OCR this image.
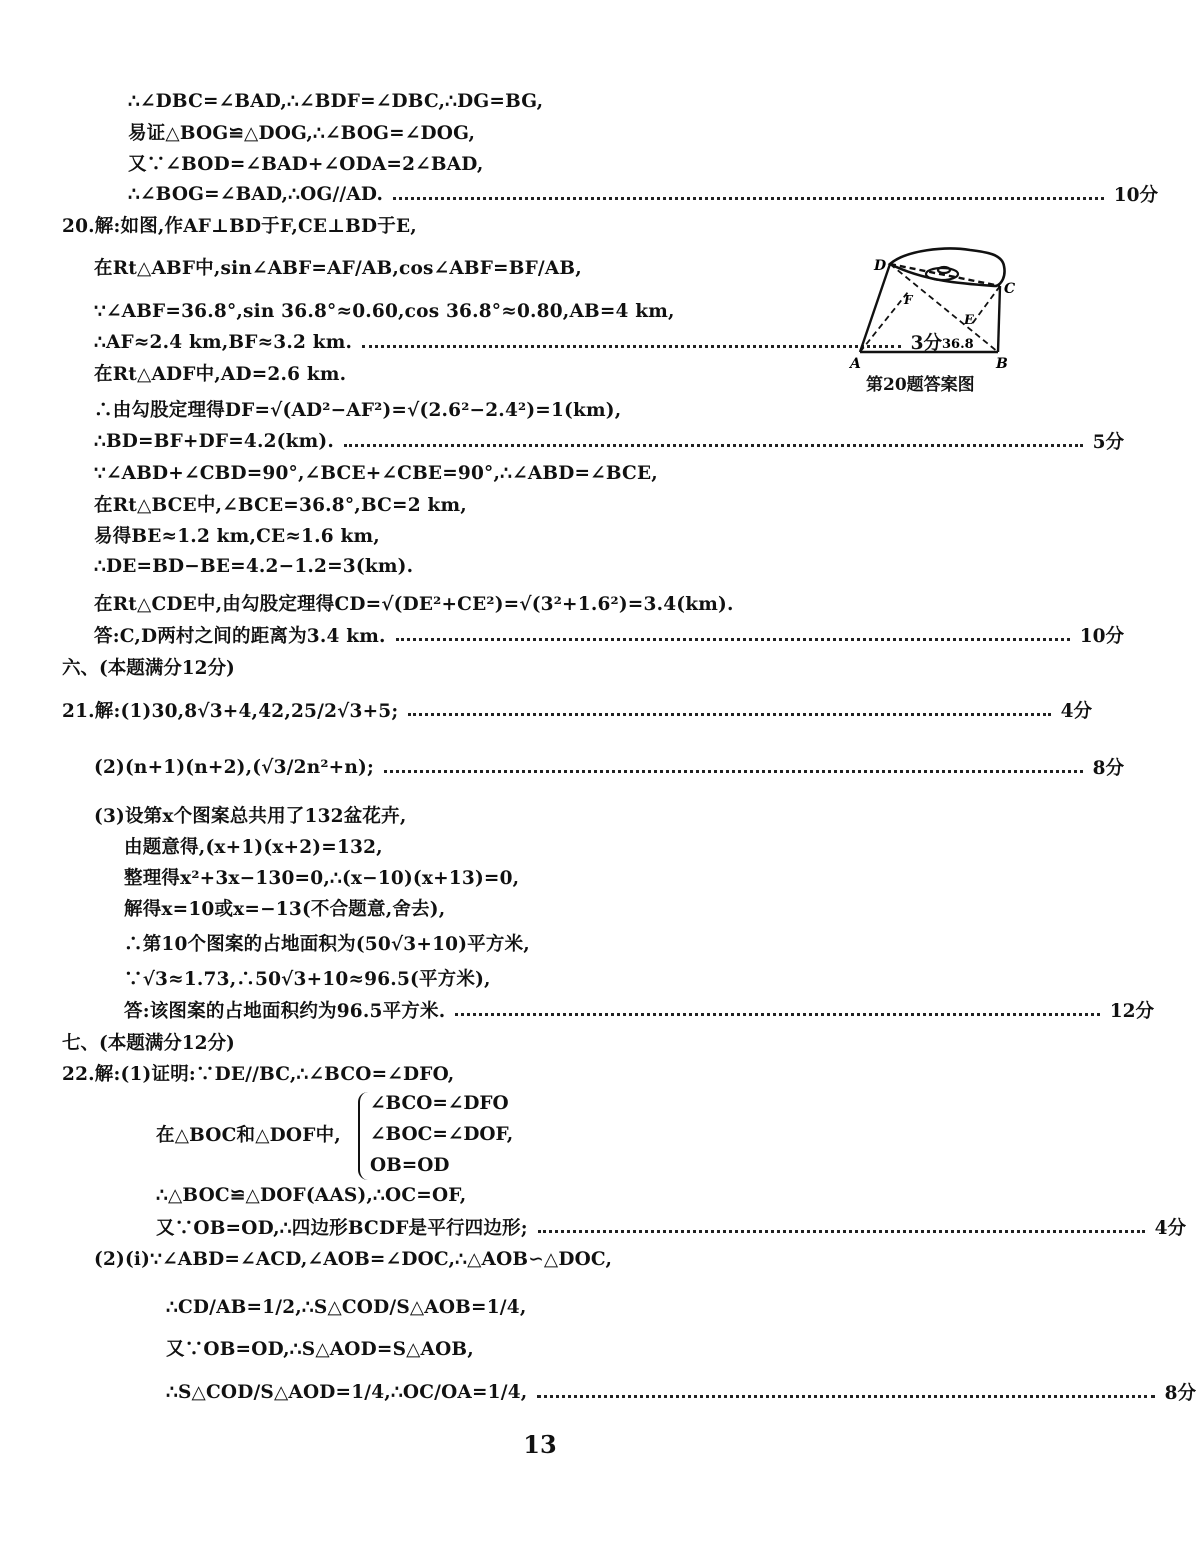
∴∠DBC=∠BAD,∴∠BDF=∠DBC,∴DG=BG,
易证△BOG≌△DOG,∴∠BOG=∠DOG,
又∵∠BOD=∠BAD+∠ODA=2∠BAD,
∴∠BOG=∠BAD,∴OG//AD.	10分
20.解:如图,作AF⊥BD于F,CE⊥BD于E,
在Rt△ABF中,sin∠ABF=AF/AB,cos∠ABF=BF/AB,
∵∠ABF=36.8°,sin 36.8°≈0.60,cos 36.8°≈0.80,AB=4 km,
∴AF≈2.4 km,BF≈3.2 km.	3分
在Rt△ADF中,AD=2.6 km.
∴由勾股定理得DF=√(AD²−AF²)=√(2.6²−2.4²)=1(km),
∴BD=BF+DF=4.2(km).	5分
∵∠ABD+∠CBD=90°,∠BCE+∠CBE=90°,∴∠ABD=∠BCE,
在Rt△BCE中,∠BCE=36.8°,BC=2 km,
易得BE≈1.2 km,CE≈1.6 km,
∴DE=BD−BE=4.2−1.2=3(km).
在Rt△CDE中,由勾股定理得CD=√(DE²+CE²)=√(3²+1.6²)=3.4(km).
答:C,D两村之间的距离为3.4 km.	10分
六、(本题满分12分)
21.解:(1)30,8√3+4,42,25/2√3+5;	4分
(2)(n+1)(n+2),(√3/2n²+n);	8分
(3)设第x个图案总共用了132盆花卉,
由题意得,(x+1)(x+2)=132,
整理得x²+3x−130=0,∴(x−10)(x+13)=0,
解得x=10或x=−13(不合题意,舍去),
∴第10个图案的占地面积为(50√3+10)平方米,
∵√3≈1.73,∴50√3+10≈96.5(平方米),
答:该图案的占地面积约为96.5平方米.	12分
七、(本题满分12分)
22.解:(1)证明:∵DE//BC,∴∠BCO=∠DFO,
在△BOC和△DOF中,
∠BCO=∠DFO
∠BOC=∠DOF,
OB=OD
∴△BOC≌△DOF(AAS),∴OC=OF,
又∵OB=OD,∴四边形BCDF是平行四边形;	4分
(2)(i)∵∠ABD=∠ACD,∠AOB=∠DOC,∴△AOB∽△DOC,
∴CD/AB=1/2,∴S△COD/S△AOB=1/4,
又∵OB=OD,∴S△AOD=S△AOB,
∴S△COD/S△AOD=1/4,∴OC/OA=1/4,	8分
D
C
A	B
F
E
36.8
第20题答案图
13
